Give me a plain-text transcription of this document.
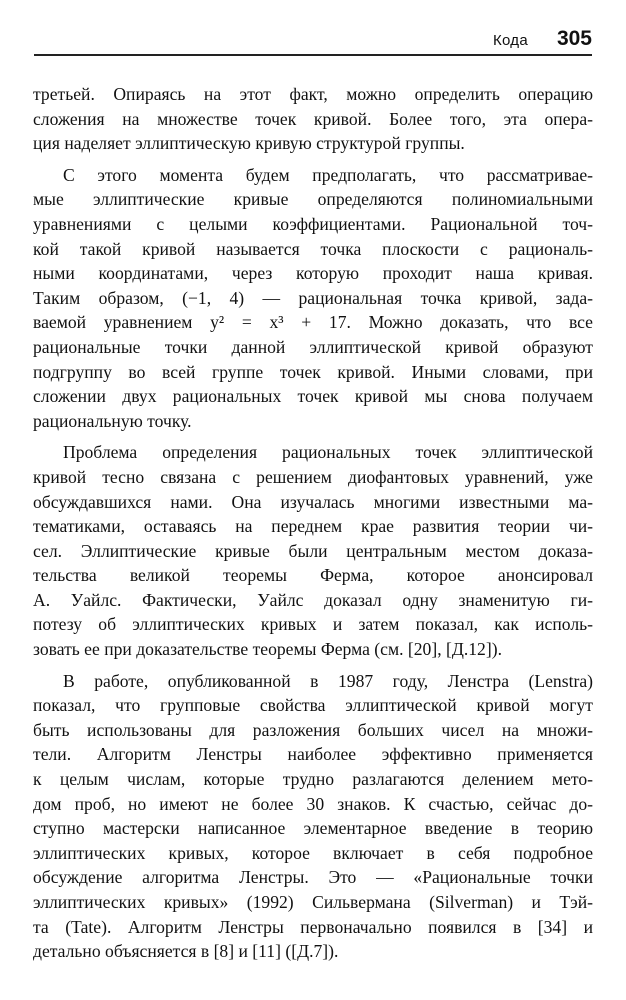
Кода 305

третьей. Опираясь на этот факт, можно определить операцию
сложения на множестве точек кривой. Более того, эта опера-
ция наделяет эллиптическую кривую структурой группы.

С этого момента будем предполагать, что рассматривае-
мые эллиптические кривые определяются полиномиальными
уравнениями с целыми коэффициентами. Рациональной точ-
кой такой кривой называется точка плоскости с рациональ-
ными координатами, через которую проходит наша кривая.
Таким образом, (−1, 4) — рациональная точка кривой, зада-
ваемой уравнением y² = x³ + 17. Можно доказать, что все
рациональные точки данной эллиптической кривой образуют
подгруппу во всей группе точек кривой. Иными словами, при
сложении двух рациональных точек кривой мы снова получаем
рациональную точку.

Проблема определения рациональных точек эллиптической
кривой тесно связана с решением диофантовых уравнений, уже
обсуждавшихся нами. Она изучалась многими известными ма-
тематиками, оставаясь на переднем крае развития теории чи-
сел. Эллиптические кривые были центральным местом доказа-
тельства великой теоремы Ферма, которое анонсировал
А. Уайлс. Фактически, Уайлс доказал одну знаменитую ги-
потезу об эллиптических кривых и затем показал, как исполь-
зовать ее при доказательстве теоремы Ферма (см. [20], [Д.12]).

В работе, опубликованной в 1987 году, Ленстра (Lenstra)
показал, что групповые свойства эллиптической кривой могут
быть использованы для разложения больших чисел на множи-
тели. Алгоритм Ленстры наиболее эффективно применяется
к целым числам, которые трудно разлагаются делением мето-
дом проб, но имеют не более 30 знаков. К счастью, сейчас до-
ступно мастерски написанное элементарное введение в теорию
эллиптических кривых, которое включает в себя подробное
обсуждение алгоритма Ленстры. Это — «Рациональные точки
эллиптических кривых» (1992) Сильвермана (Silverman) и Тэй-
та (Tate). Алгоритм Ленстры первоначально появился в [34] и
детально объясняется в [8] и [11] ([Д.7]).
